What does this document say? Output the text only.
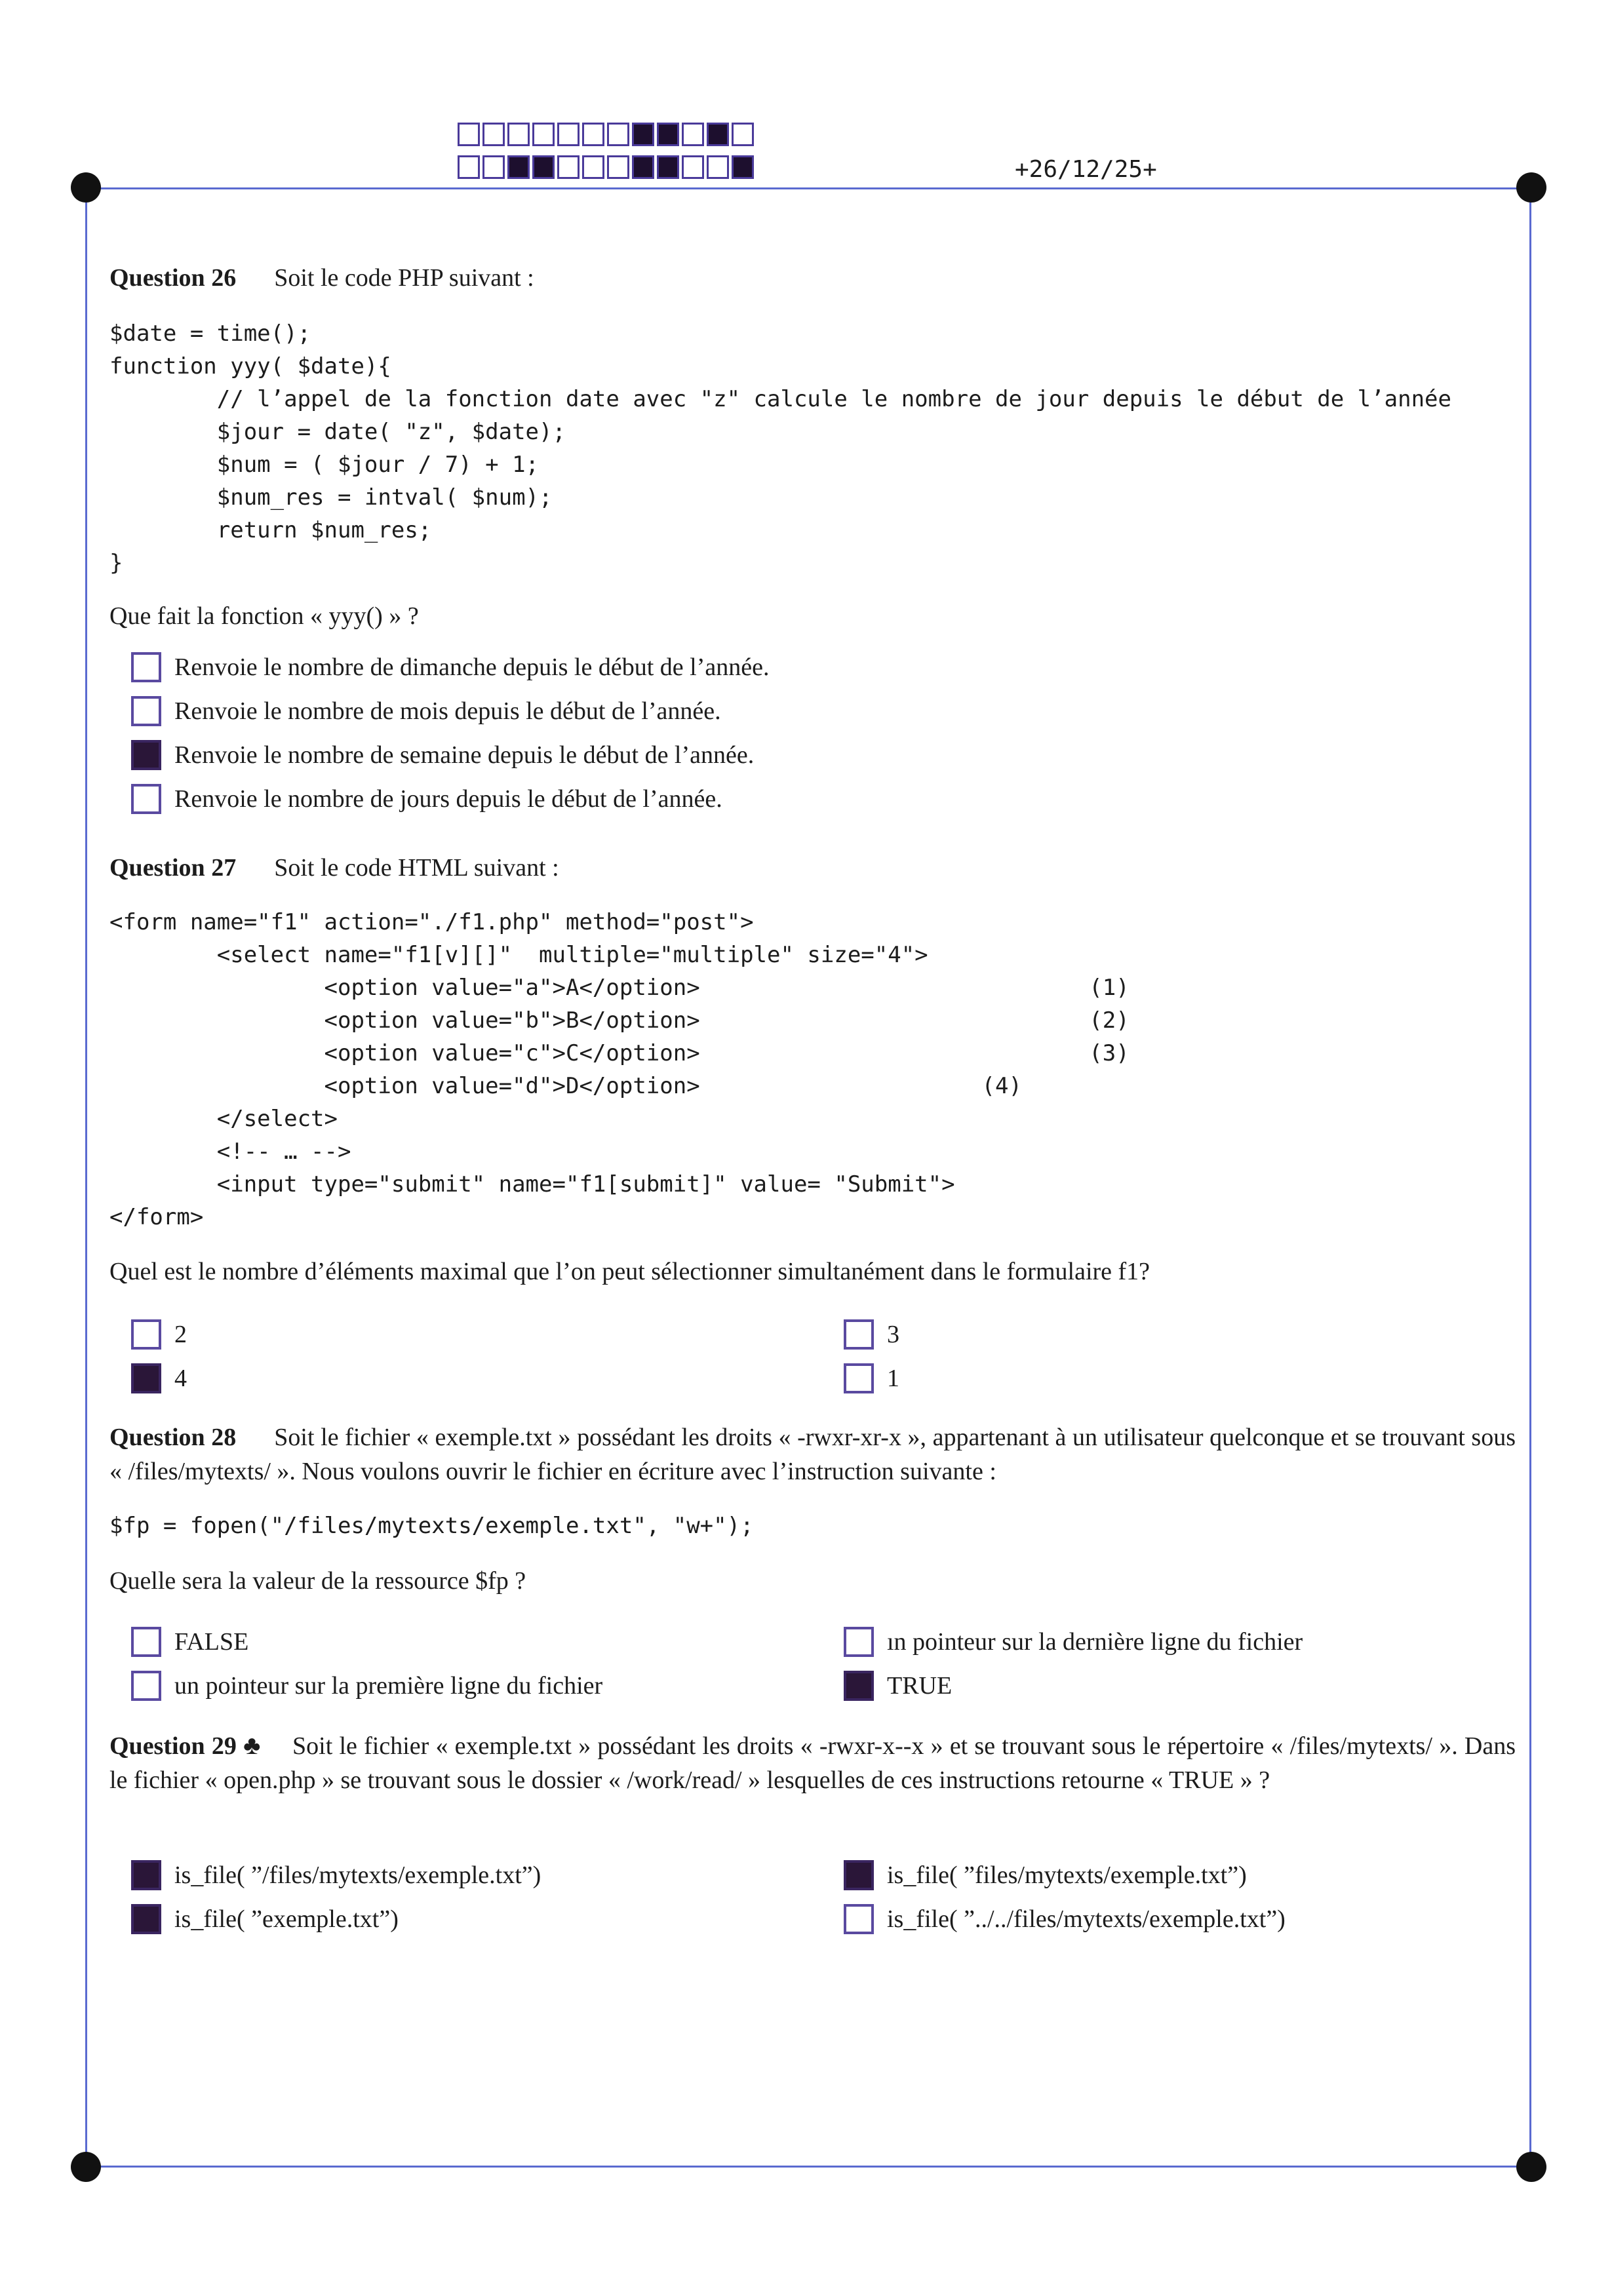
+26/12/25+
Question 26 Soit le code PHP suivant :
$date = time();
function yyy( $date){
// l’appel de la fonction date avec "z" calcule le nombre de jour depuis le début de l’année
$jour = date( "z", $date);
$num = ( $jour / 7) + 1;
$num_res = intval( $num);
return $num_res;
}
Que fait la fonction « yyy() » ?
Renvoie le nombre de dimanche depuis le début de l’année.
Renvoie le nombre de mois depuis le début de l’année.
Renvoie le nombre de semaine depuis le début de l’année.
Renvoie le nombre de jours depuis le début de l’année.
Question 27 Soit le code HTML suivant :
<form name="f1" action="./f1.php" method="post">
<select name="f1[v][]"  multiple="multiple" size="4">
<option value="a">A</option>                             (1)
<option value="b">B</option>                             (2)
<option value="c">C</option>                             (3)
<option value="d">D</option>                     (4)
</select>
<!-- … -->
<input type="submit" name="f1[submit]" value= "Submit">
</form>
Quel est le nombre d’éléments maximal que l’on peut sélectionner simultanément dans le formulaire f1?
2	3
4	1
Question 28 Soit le fichier « exemple.txt » possédant les droits « -rwxr-xr-x », appartenant à un utilisateur quelconque et se trouvant sous « /files/mytexts/ ». Nous voulons ouvrir le fichier en écriture avec l’instruction suivante :
$fp = fopen("/files/mytexts/exemple.txt", "w+");
Quelle sera la valeur de la ressource $fp ?
FALSE	ın pointeur sur la dernière ligne du fichier
un pointeur sur la première ligne du fichier	TRUE
Question 29 ♣ Soit le fichier « exemple.txt » possédant les droits « -rwxr-x--x » et se trouvant sous le répertoire « /files/mytexts/ ». Dans le fichier « open.php » se trouvant sous le dossier « /work/read/ » lesquelles de ces instructions retourne « TRUE » ?
is_file( ”/files/mytexts/exemple.txt”)	is_file( ”files/mytexts/exemple.txt”)
is_file( ”exemple.txt”)	is_file( ”../../files/mytexts/exemple.txt”)
